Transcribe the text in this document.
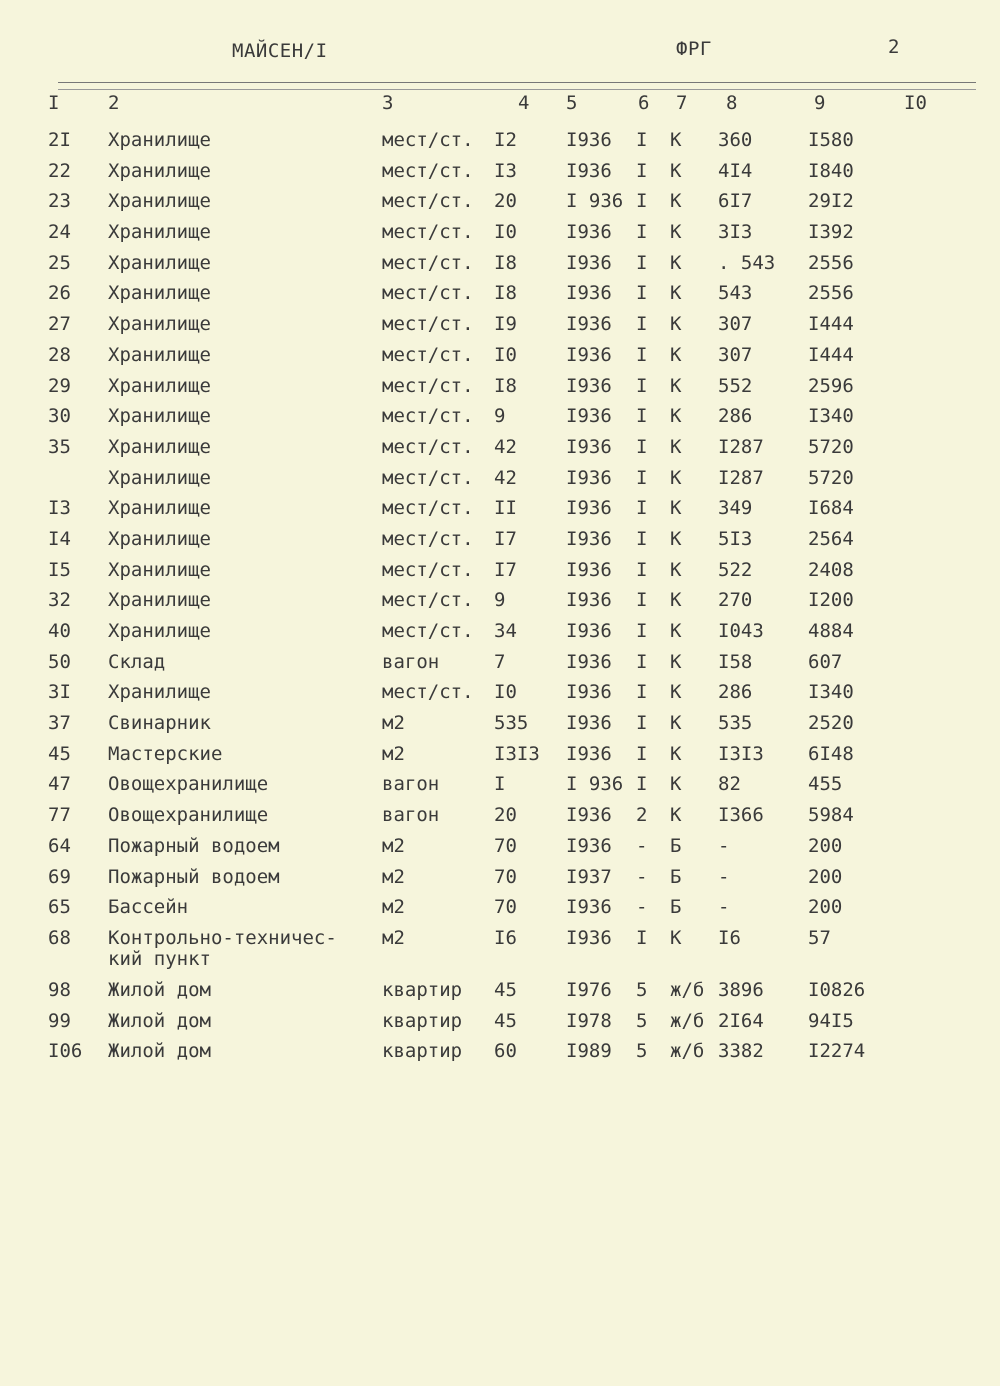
МАЙСЕН/I	ФРГ	2
I	2	3	4 5	6 7 8	9	I0
2I	Хранилище	мест/ст.	I2	I936	I	К	360	I580
22	Хранилище	мест/ст.	I3	I936	I	К	4I4	I840
23	Хранилище	мест/ст.	20	I 936	I	К	6I7	29I2
24	Хранилище	мест/ст.	I0	I936	I	К	3I3	I392
25	Хранилище	мест/ст.	I8	I936	I	К	. 543	2556
26	Хранилище	мест/ст.	I8	I936	I	К	543	2556
27	Хранилище	мест/ст.	I9	I936	I	К	307	I444
28	Хранилище	мест/ст.	I0	I936	I	К	307	I444
29	Хранилище	мест/ст.	I8	I936	I	К	552	2596
30	Хранилище	мест/ст.	9	I936	I	К	286	I340
35	Хранилище	мест/ст.	42	I936	I	К	I287	5720

	Хранилище	мест/ст.	42	I936	I	К	I287	5720
I3	Хранилище	мест/ст.	II	I936	I	К	349	I684
I4	Хранилище	мест/ст.	I7	I936	I	К	5I3	2564
I5	Хранилище	мест/ст.	I7	I936	I	К	522	2408
32	Хранилище	мест/ст.	9	I936	I	К	270	I200
40	Хранилище	мест/ст.	34	I936	I	К	I043	4884
50	Склад	вагон	7	I936	I	К	I58	607
3I	Хранилище	мест/ст.	I0	I936	I	К	286	I340
37	Свинарник	м2	535	I936	I	К	535	2520
45	Мастерские	м2	I3I3	I936	I	К	I3I3	6I48
47	Овощехранилище	вагон	I	I 936	I	К	82	455
77	Овощехранилище	вагон	20	I936	2	К	I366	5984
64	Пожарный водоем	м2	70	I936	-	Б	-	200
69	Пожарный водоем	м2	70	I937	-	Б	-	200
65	Бассейн	м2	70	I936	-	Б	-	200
68	Контрольно-техничес-кий пункт	м2	I6	I936	I	К	I6	57
98	Жилой дом	квартир	45	I976	5	ж/б	3896	I0826
99	Жилой дом	квартир	45	I978	5	ж/б	2I64	94I5
I06	Жилой дом	квартир	60	I989	5	ж/б	3382	I2274
